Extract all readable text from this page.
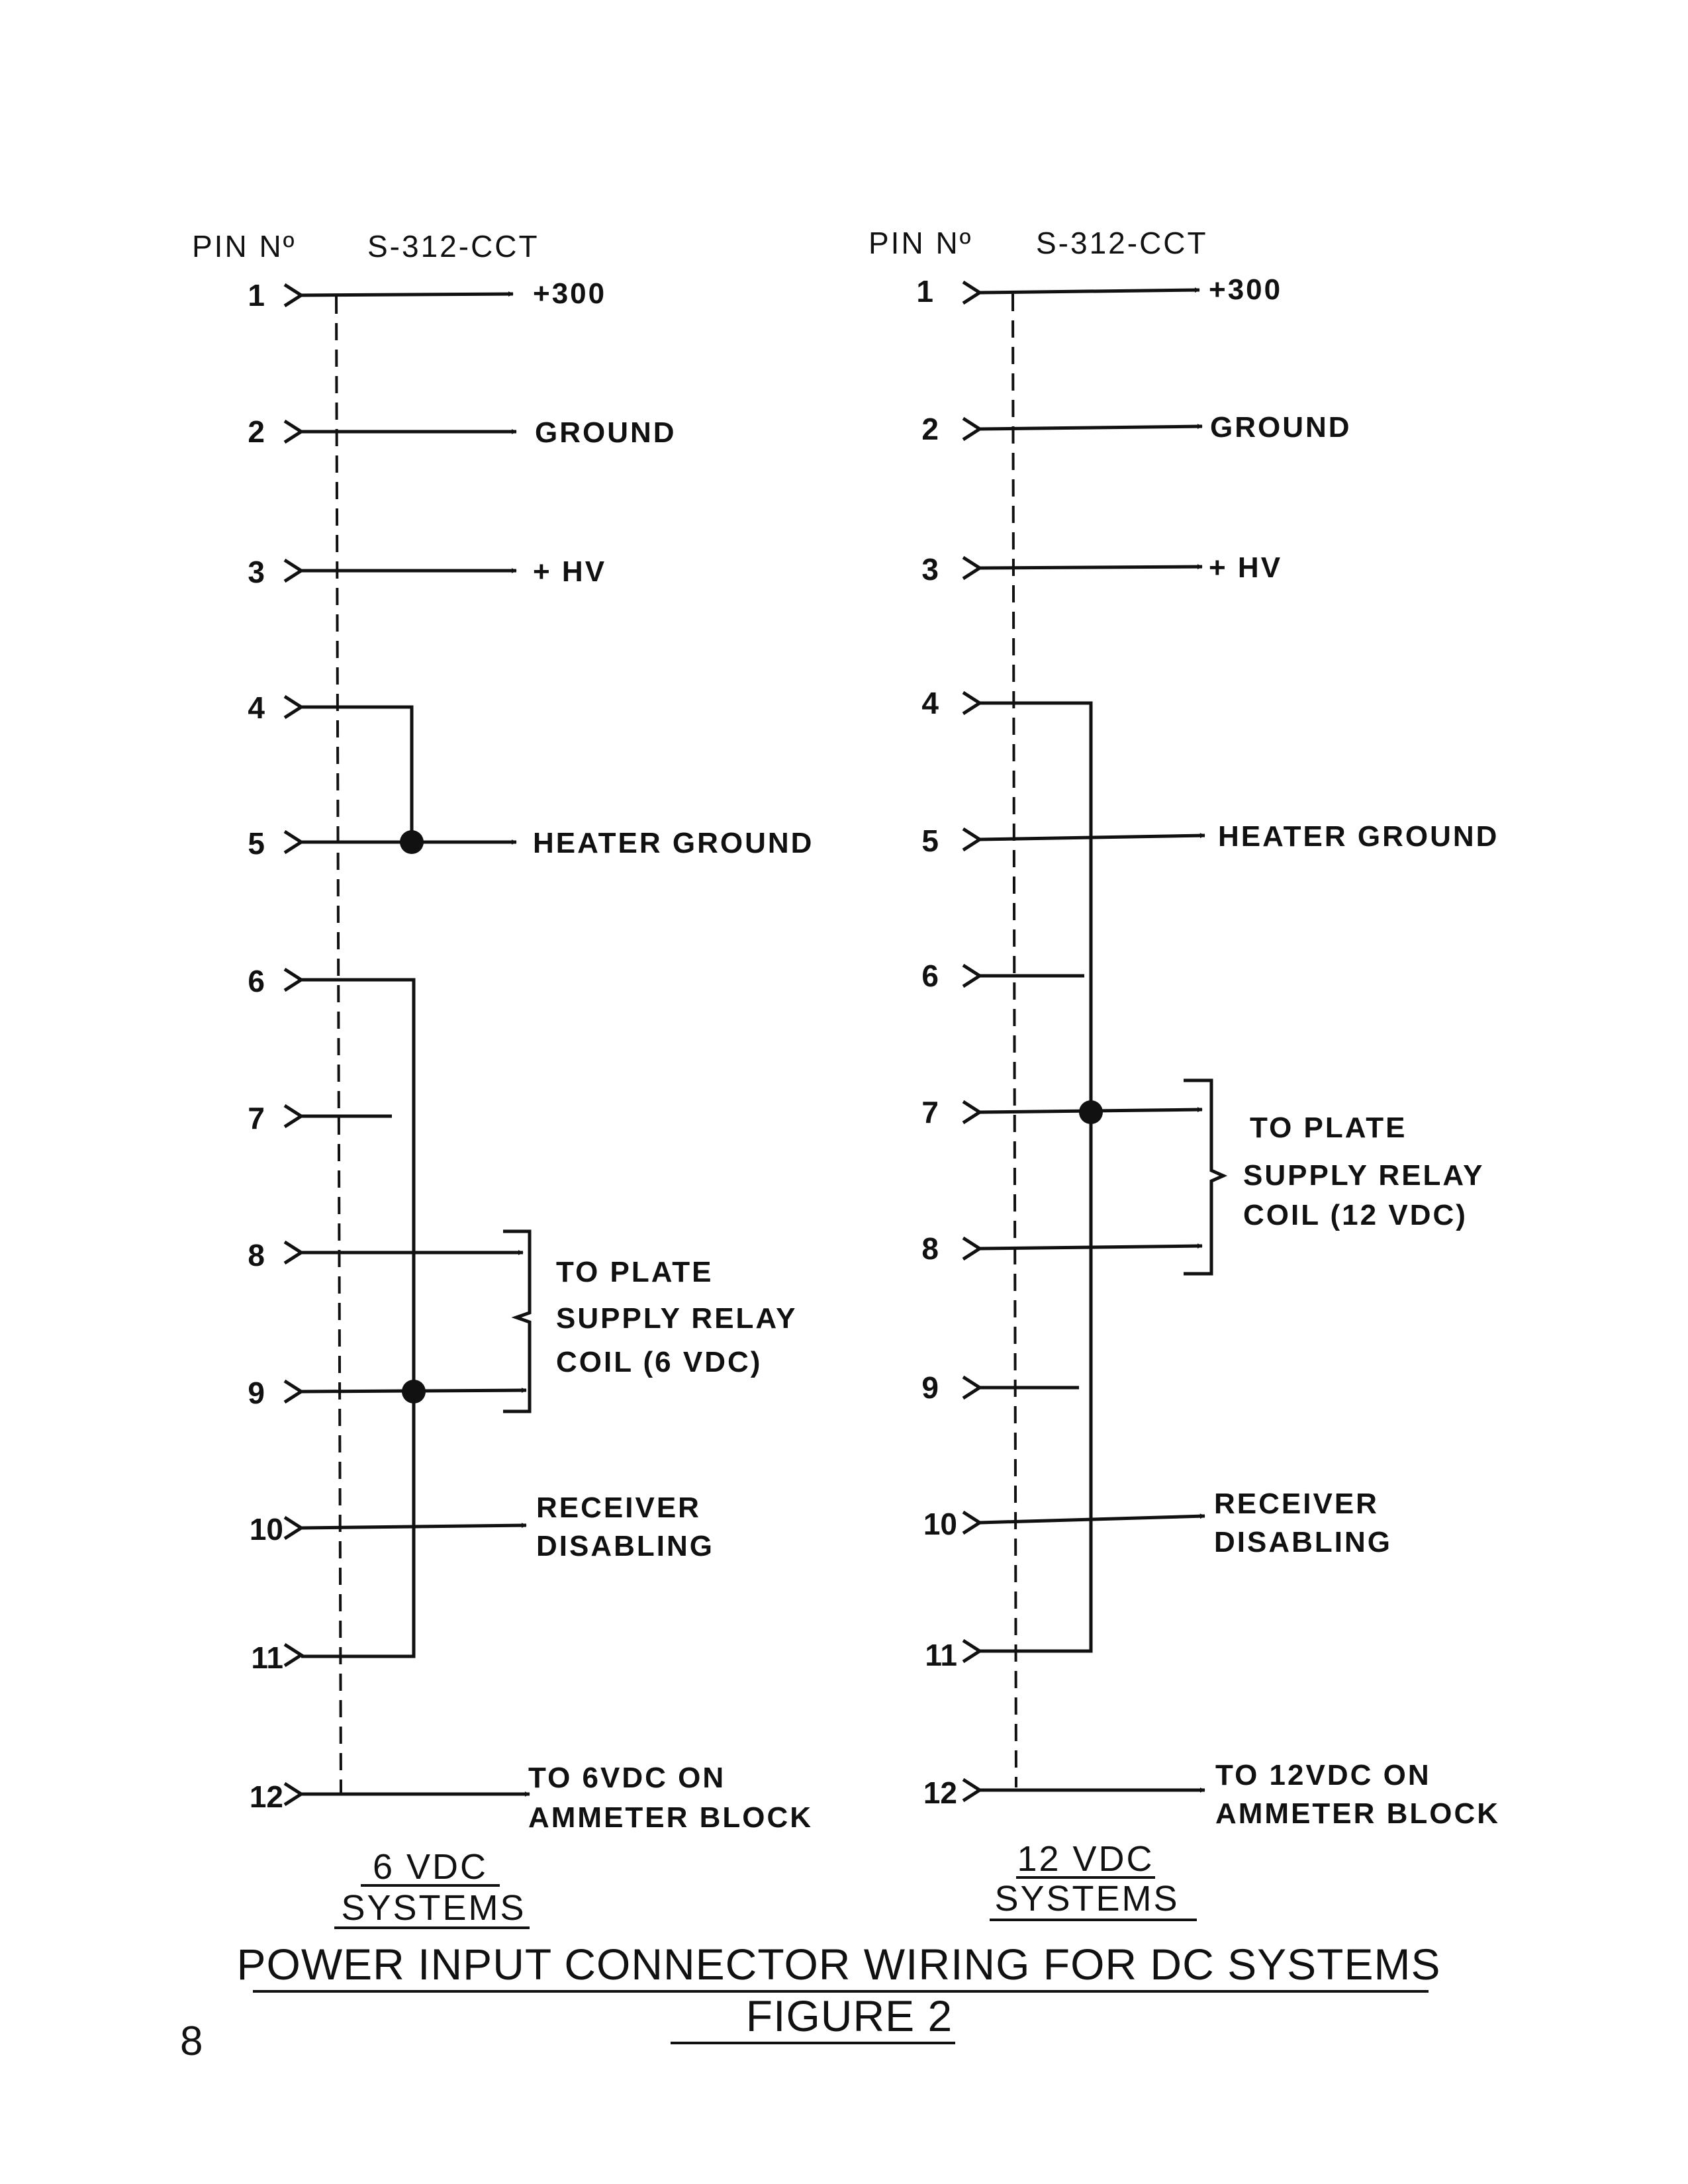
PIN Nº S-312-CCT
1
2
3
4
5
6
7
8
9
10
11
12
+300
GROUND
+ HV
HEATER GROUND
TO PLATE
SUPPLY RELAY
COIL (6 VDC)
RECEIVER
DISABLING
TO 6VDC ON
AMMETER BLOCK
6 VDC
SYSTEMS
PIN Nº S-312-CCT
1
2
3
4
5
6
7
8
9
10
11
12
+300
GROUND
+ HV
HEATER GROUND
TO PLATE
SUPPLY RELAY
COIL (12 VDC)
RECEIVER
DISABLING
TO 12VDC ON
AMMETER BLOCK
12 VDC
SYSTEMS
POWER INPUT CONNECTOR WIRING FOR DC SYSTEMS
FIGURE 2
8
